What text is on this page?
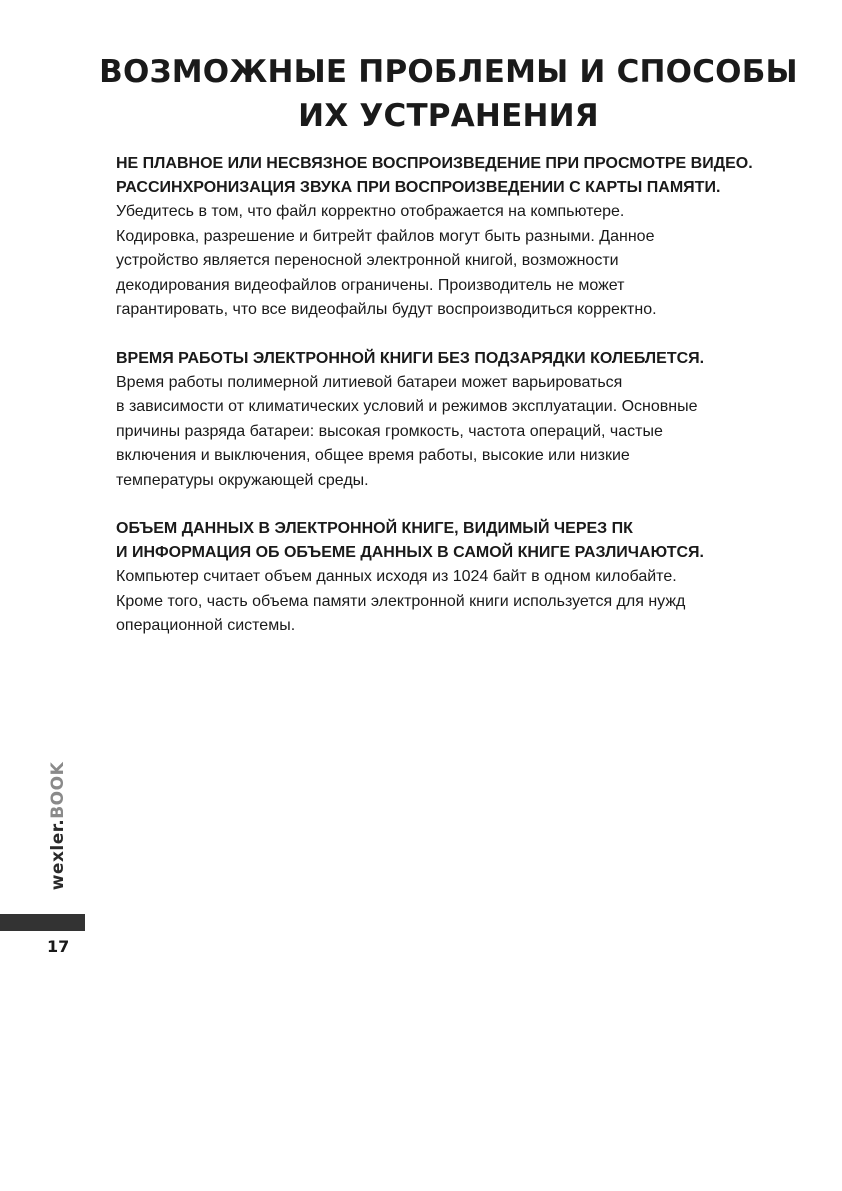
ВОЗМОЖНЫЕ ПРОБЛЕМЫ И СПОСОБЫ
ИХ УСТРАНЕНИЯ
НЕ ПЛАВНОЕ ИЛИ НЕСВЯЗНОЕ ВОСПРОИЗВЕДЕНИЕ ПРИ ПРОСМОТРЕ ВИДЕО.
РАССИНХРОНИЗАЦИЯ ЗВУКА ПРИ ВОСПРОИЗВЕДЕНИИ С КАРТЫ ПАМЯТИ.

Убедитесь в том, что файл корректно отображается на компьютере.
Кодировка, разрешение и битрейт файлов могут быть разными. Данное
устройство является переносной электронной книгой, возможности
декодирования видеофайлов ограничены. Производитель не может
гарантировать, что все видеофайлы будут воспроизводиться корректно.

ВРЕМЯ РАБОТЫ ЭЛЕКТРОННОЙ КНИГИ БЕЗ ПОДЗАРЯДКИ КОЛЕБЛЕТСЯ.

Время работы полимерной литиевой батареи может варьироваться
в зависимости от климатических условий и режимов эксплуатации. Основные
причины разряда батареи: высокая громкость, частота операций, частые
включения и выключения, общее время работы, высокие или низкие
температуры окружающей среды.

ОБЪЕМ ДАННЫХ В ЭЛЕКТРОННОЙ КНИГЕ, ВИДИМЫЙ ЧЕРЕЗ ПК
И ИНФОРМАЦИЯ ОБ ОБЪЕМЕ ДАННЫХ В САМОЙ КНИГЕ РАЗЛИЧАЮТСЯ.

Компьютер считает объем данных исходя из 1024 байт в одном килобайте.
Кроме того, часть объема памяти электронной книги используется для нужд
операционной системы.

wexler.BOOK
17
